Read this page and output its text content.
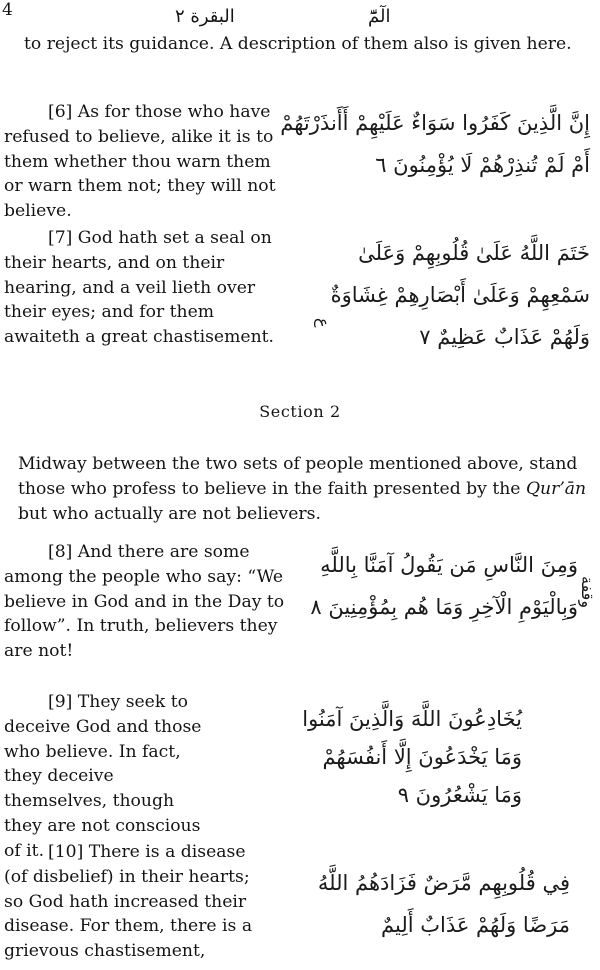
4	البقرة ٢	الٓمّٓ

to reject its guidance. A description of them also is given here.

[6] As for those who have refused to believe, alike it is to them whether thou warn them or warn them not; they will not believe.

إِنَّ الَّذِينَ كَفَرُوا سَوَاءٌ عَلَيْهِمْ أَأَنذَرْتَهُمْ
أَمْ لَمْ تُنذِرْهُمْ لَا يُؤْمِنُونَ ٦

[7] God hath set a seal on their hearts, and on their hearing, and a veil lieth over their eyes; and for them awaiteth a great chastisement.

خَتَمَ اللَّهُ عَلَىٰ قُلُوبِهِمْ وَعَلَىٰ
سَمْعِهِمْ وَعَلَىٰ أَبْصَارِهِمْ غِشَاوَةٌ
وَلَهُمْ عَذَابٌ عَظِيمٌ ٧
ع
Section 2

Midway between the two sets of people mentioned above, stand those who profess to believe in the faith presented by the Qur’ān but who actually are not believers.

[8] And there are some among the people who say: “We believe in God and in the Day to follow”. In truth, believers they are not!

وَمِنَ النَّاسِ مَن يَقُولُ آمَنَّا بِاللَّهِ
وَبِالْيَوْمِ الْآخِرِ وَمَا هُم بِمُؤْمِنِينَ ٨ وقفة

[9] They seek to deceive God and those who believe. In fact, they deceive themselves, though they are not conscious of it.

يُخَادِعُونَ اللَّهَ وَالَّذِينَ آمَنُوا
وَمَا يَخْدَعُونَ إِلَّا أَنفُسَهُمْ
وَمَا يَشْعُرُونَ ٩

[10] There is a disease (of disbelief) in their hearts; so God hath increased their disease. For them, there is a grievous chastisement,

فِي قُلُوبِهِم مَّرَضٌ فَزَادَهُمُ اللَّهُ
مَرَضًا وَلَهُمْ عَذَابٌ أَلِيمٌ
